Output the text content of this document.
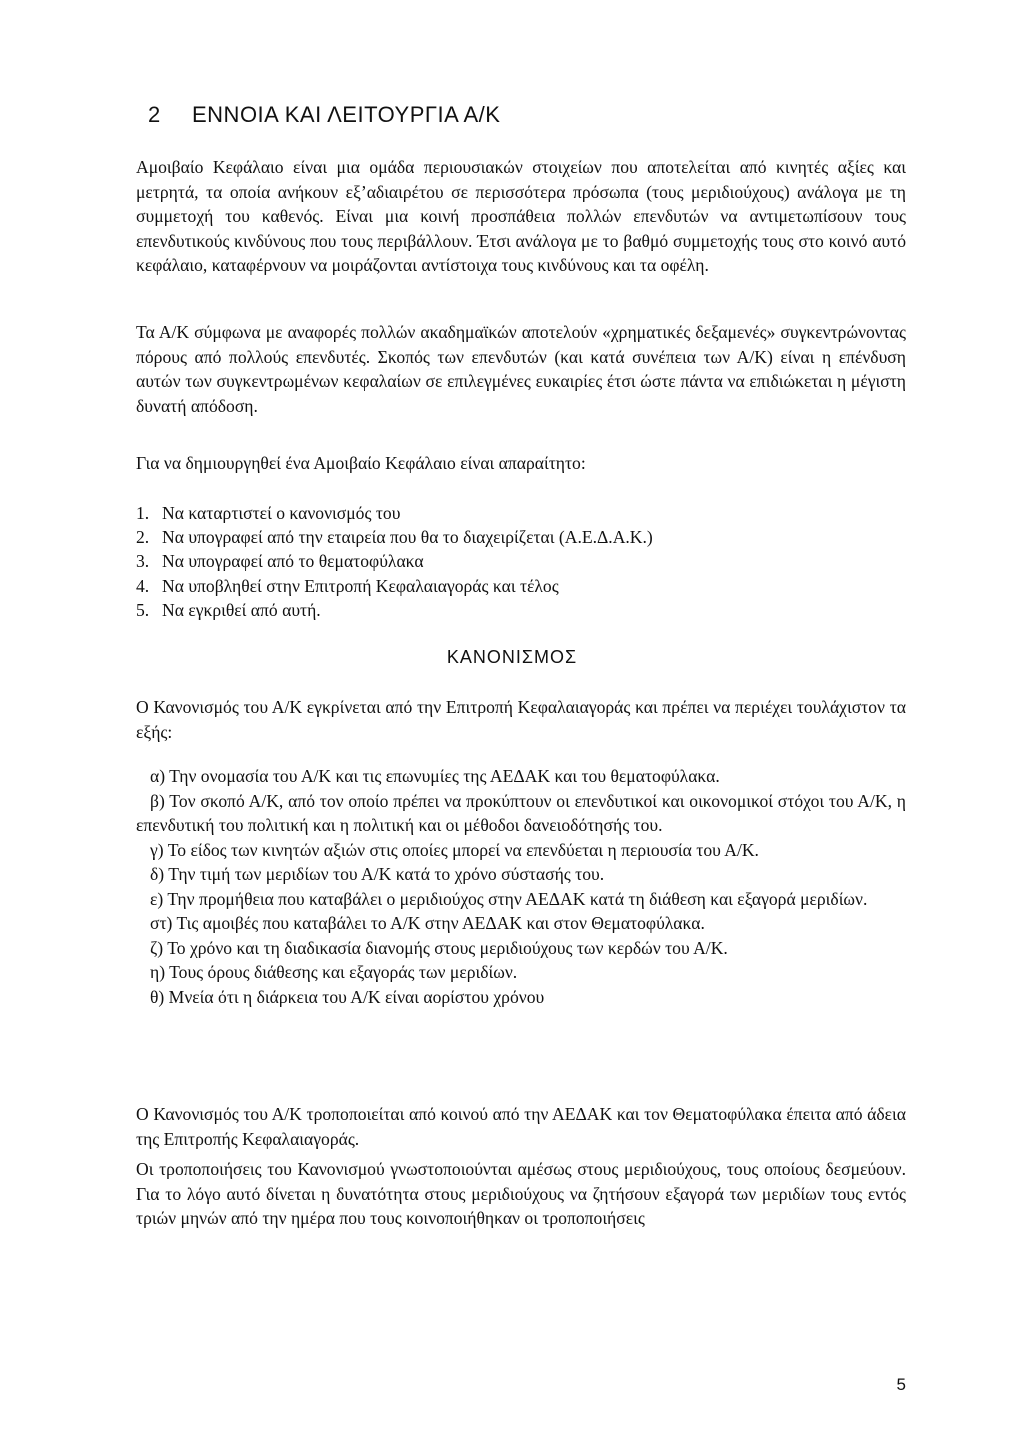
2 ΕΝΝΟΙΑ ΚΑΙ ΛΕΙΤΟΥΡΓΙΑ Α/Κ

Αμοιβαίο Κεφάλαιο είναι μια ομάδα περιουσιακών στοιχείων που αποτελείται από κινητές αξίες και μετρητά, τα οποία ανήκουν εξ’αδιαιρέτου σε περισσότερα πρόσωπα (τους μεριδιούχους) ανάλογα με τη συμμετοχή του καθενός. Είναι μια κοινή προσπάθεια πολλών επενδυτών να αντιμετωπίσουν τους επενδυτικούς κινδύνους που τους περιβάλλουν. Έτσι ανάλογα με το βαθμό συμμετοχής τους στο κοινό αυτό κεφάλαιο, καταφέρνουν να μοιράζονται αντίστοιχα τους κινδύνους και τα οφέλη.

Τα Α/Κ σύμφωνα με αναφορές πολλών ακαδημαϊκών αποτελούν «χρηματικές δεξαμενές» συγκεντρώνοντας πόρους από πολλούς επενδυτές. Σκοπός των επενδυτών (και κατά συνέπεια των Α/Κ) είναι η επένδυση αυτών των συγκεντρωμένων κεφαλαίων σε επιλεγμένες ευκαιρίες έτσι ώστε πάντα να επιδιώκεται η μέγιστη δυνατή απόδοση.

Για να δημιουργηθεί ένα Αμοιβαίο Κεφάλαιο είναι απαραίτητο:

1. Να καταρτιστεί ο κανονισμός του
2. Να υπογραφεί από την εταιρεία που θα το διαχειρίζεται (Α.Ε.Δ.Α.Κ.)
3. Να υπογραφεί από το θεματοφύλακα
4. Να υποβληθεί στην Επιτροπή Κεφαλαιαγοράς και τέλος
5. Να εγκριθεί από αυτή.
ΚΑΝΟΝΙΣΜΟΣ

Ο Κανονισμός του Α/Κ εγκρίνεται από την Επιτροπή Κεφαλαιαγοράς και πρέπει να περιέχει τουλάχιστον τα εξής:

α) Την ονομασία του Α/Κ και τις επωνυμίες της ΑΕΔΑΚ και του θεματοφύλακα.
β) Τον σκοπό Α/Κ, από τον οποίο πρέπει να προκύπτουν οι επενδυτικοί και οικονομικοί στόχοι του Α/Κ, η επενδυτική του πολιτική και η πολιτική και οι μέθοδοι δανειοδότησής του.
γ) Το είδος των κινητών αξιών στις οποίες μπορεί να επενδύεται η περιουσία του Α/Κ.
δ) Την τιμή των μεριδίων του Α/Κ κατά το χρόνο σύστασής του.
ε) Την προμήθεια που καταβάλει ο μεριδιούχος στην ΑΕΔΑΚ κατά τη διάθεση και εξαγορά μεριδίων.
στ) Τις αμοιβές που καταβάλει το Α/Κ στην ΑΕΔΑΚ και στον Θεματοφύλακα.
ζ) Το χρόνο και τη διαδικασία διανομής στους μεριδιούχους των κερδών του Α/Κ.
η) Τους όρους διάθεσης και εξαγοράς των μεριδίων.
θ) Μνεία ότι η διάρκεια του Α/Κ είναι αορίστου χρόνου

Ο Κανονισμός του Α/Κ τροποποιείται από κοινού από την ΑΕΔΑΚ και τον Θεματοφύλακα έπειτα από άδεια της Επιτροπής Κεφαλαιαγοράς.

Οι τροποποιήσεις του Κανονισμού γνωστοποιούνται αμέσως στους μεριδιούχους, τους οποίους δεσμεύουν. Για το λόγο αυτό δίνεται η δυνατότητα στους μεριδιούχους να ζητήσουν εξαγορά των μεριδίων τους εντός τριών μηνών από την ημέρα που τους κοινοποιήθηκαν οι τροποποιήσεις

5
